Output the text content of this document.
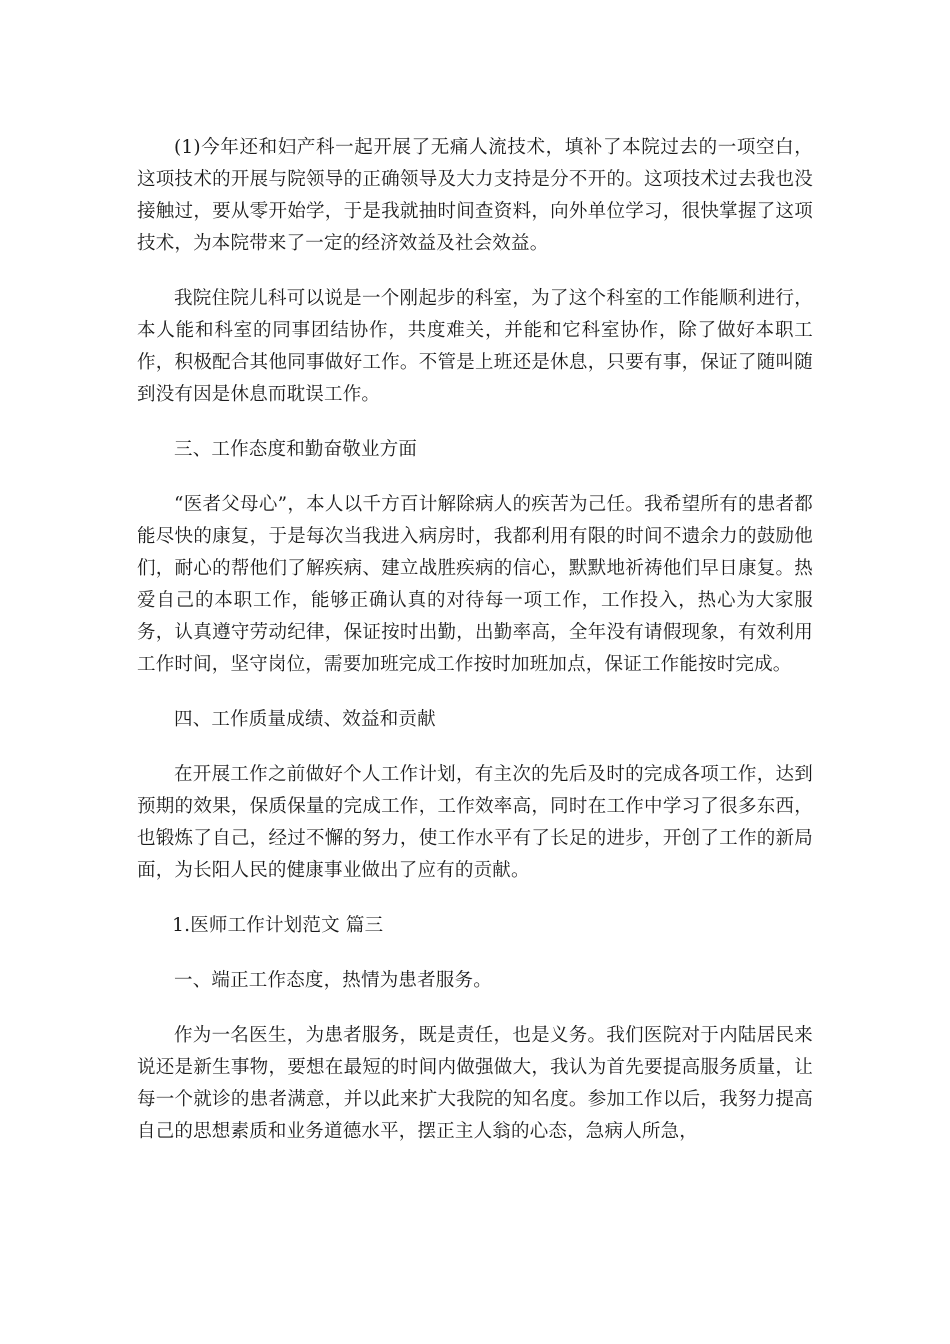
(1)今年还和妇产科一起开展了无痛人流技术，填补了本院过去的一项空白，这项技术的开展与院领导的正确领导及大力支持是分不开的。这项技术过去我也没接触过，要从零开始学，于是我就抽时间查资料，向外单位学习，很快掌握了这项技术，为本院带来了一定的经济效益及社会效益。

我院住院儿科可以说是一个刚起步的科室，为了这个科室的工作能顺利进行，本人能和科室的同事团结协作，共度难关，并能和它科室协作，除了做好本职工作，积极配合其他同事做好工作。不管是上班还是休息，只要有事，保证了随叫随到没有因是休息而耽误工作。

三、工作态度和勤奋敬业方面

“医者父母心”，本人以千方百计解除病人的疾苦为己任。我希望所有的患者都能尽快的康复，于是每次当我进入病房时，我都利用有限的时间不遗余力的鼓励他们，耐心的帮他们了解疾病、建立战胜疾病的信心，默默地祈祷他们早日康复。热爱自己的本职工作，能够正确认真的对待每一项工作，工作投入，热心为大家服务，认真遵守劳动纪律，保证按时出勤，出勤率高，全年没有请假现象，有效利用工作时间，坚守岗位，需要加班完成工作按时加班加点，保证工作能按时完成。

四、工作质量成绩、效益和贡献

在开展工作之前做好个人工作计划，有主次的先后及时的完成各项工作，达到预期的效果，保质保量的完成工作，工作效率高，同时在工作中学习了很多东西，也锻炼了自己，经过不懈的努力，使工作水平有了长足的进步，开创了工作的新局面，为长阳人民的健康事业做出了应有的贡献。

1.医师工作计划范文 篇三

一、端正工作态度，热情为患者服务。

作为一名医生，为患者服务，既是责任，也是义务。我们医院对于内陆居民来说还是新生事物，要想在最短的时间内做强做大，我认为首先要提高服务质量，让每一个就诊的患者满意，并以此来扩大我院的知名度。参加工作以后，我努力提高自己的思想素质和业务道德水平，摆正主人翁的心态，急病人所急，
